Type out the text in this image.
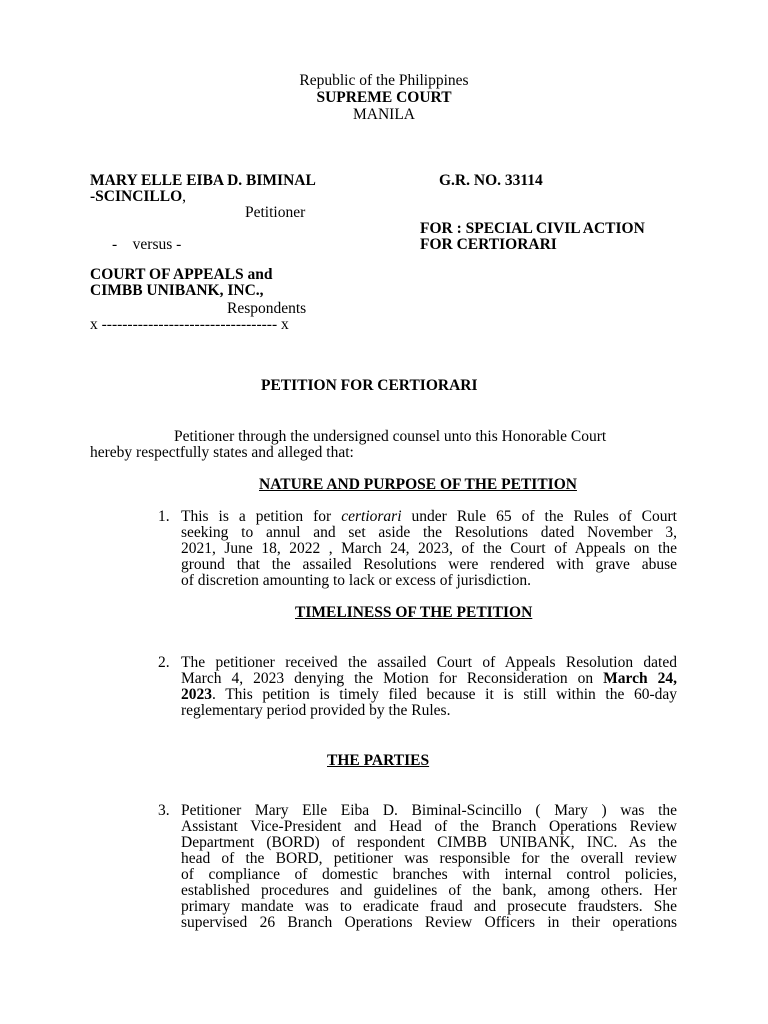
Republic of the Philippines
SUPREME COURT
MANILA
MARY ELLE EIBA D. BIMINAL
-SCINCILLO,
Petitioner
-    versus -
COURT OF APPEALS and
CIMBB UNIBANK, INC.,
Respondents
x ---------------------------------- x
G.R. NO. 33114
FOR : SPECIAL CIVIL ACTION
FOR CERTIORARI
PETITION FOR CERTIORARI
Petitioner through the undersigned counsel unto this Honorable Court
hereby respectfully states and alleged that:
NATURE AND PURPOSE OF THE PETITION
1. This is a petition for certiorari under Rule 65 of the Rules of Court
seeking to annul and set aside the Resolutions dated November 3,
2021, June 18, 2022 , March 24, 2023, of the Court of Appeals on the
ground that the assailed Resolutions were rendered with grave abuse
of discretion amounting to lack or excess of jurisdiction.
TIMELINESS OF THE PETITION
2. The petitioner received the assailed Court of Appeals Resolution dated
March 4, 2023 denying the Motion for Reconsideration on March 24,
2023. This petition is timely filed because it is still within the 60-day
reglementary period provided by the Rules.
THE PARTIES
3. Petitioner Mary Elle Eiba D. Biminal-Scincillo ( Mary ) was the
Assistant Vice-President and Head of the Branch Operations Review
Department (BORD) of respondent CIMBB UNIBANK, INC. As the
head of the BORD, petitioner was responsible for the overall review
of compliance of domestic branches with internal control policies,
established procedures and guidelines of the bank, among others. Her
primary mandate was to eradicate fraud and prosecute fraudsters. She
supervised 26 Branch Operations Review Officers in their operations
